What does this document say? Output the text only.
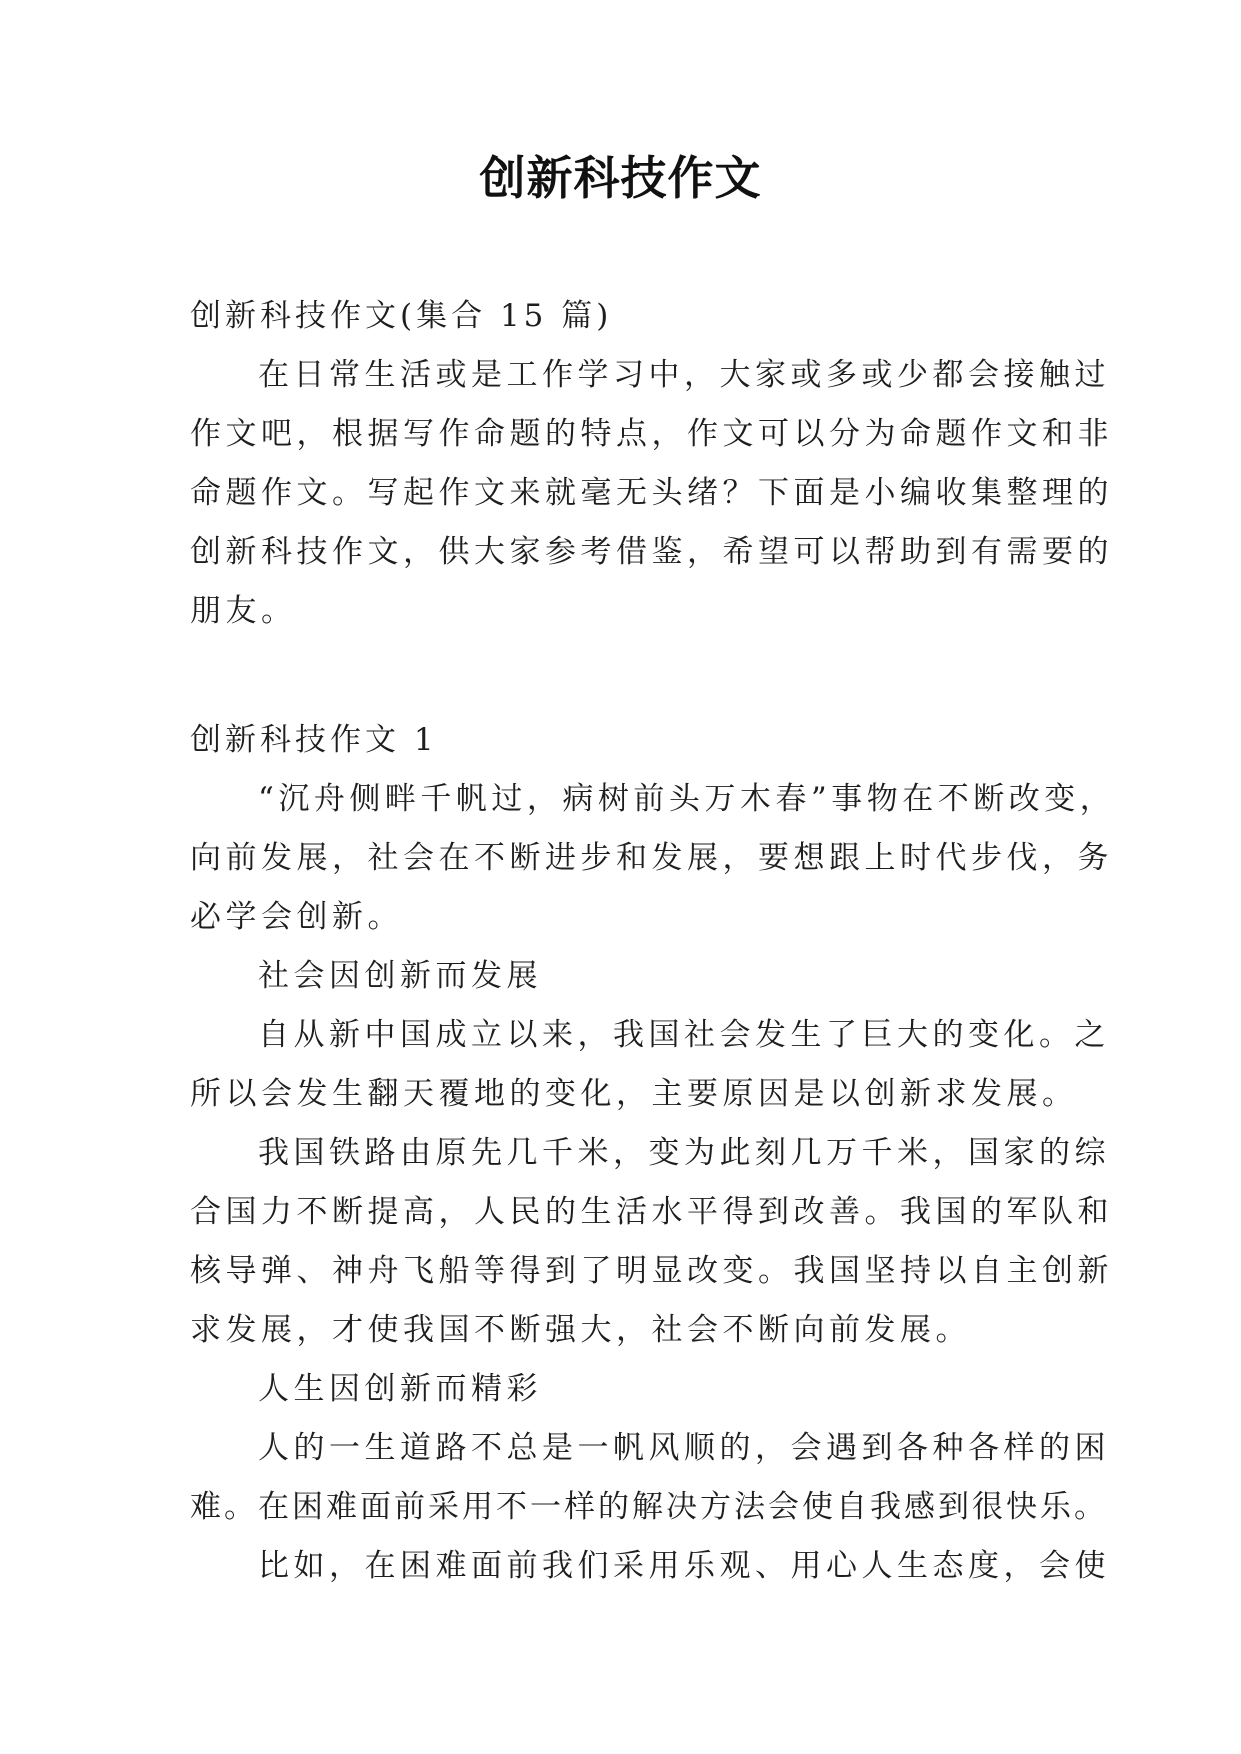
创新科技作文
创新科技作文(集合 15 篇)
在日常生活或是工作学习中，大家或多或少都会接触过
作文吧，根据写作命题的特点，作文可以分为命题作文和非
命题作文。写起作文来就毫无头绪？下面是小编收集整理的
创新科技作文，供大家参考借鉴，希望可以帮助到有需要的
朋友。
创新科技作文 1
“沉舟侧畔千帆过，病树前头万木春”事物在不断改变，
向前发展，社会在不断进步和发展，要想跟上时代步伐，务
必学会创新。
社会因创新而发展
自从新中国成立以来，我国社会发生了巨大的变化。之
所以会发生翻天覆地的变化，主要原因是以创新求发展。
我国铁路由原先几千米，变为此刻几万千米，国家的综
合国力不断提高，人民的生活水平得到改善。我国的军队和
核导弹、神舟飞船等得到了明显改变。我国坚持以自主创新
求发展，才使我国不断强大，社会不断向前发展。
人生因创新而精彩
人的一生道路不总是一帆风顺的，会遇到各种各样的困
难。在困难面前采用不一样的解决方法会使自我感到很快乐。
比如，在困难面前我们采用乐观、用心人生态度，会使
